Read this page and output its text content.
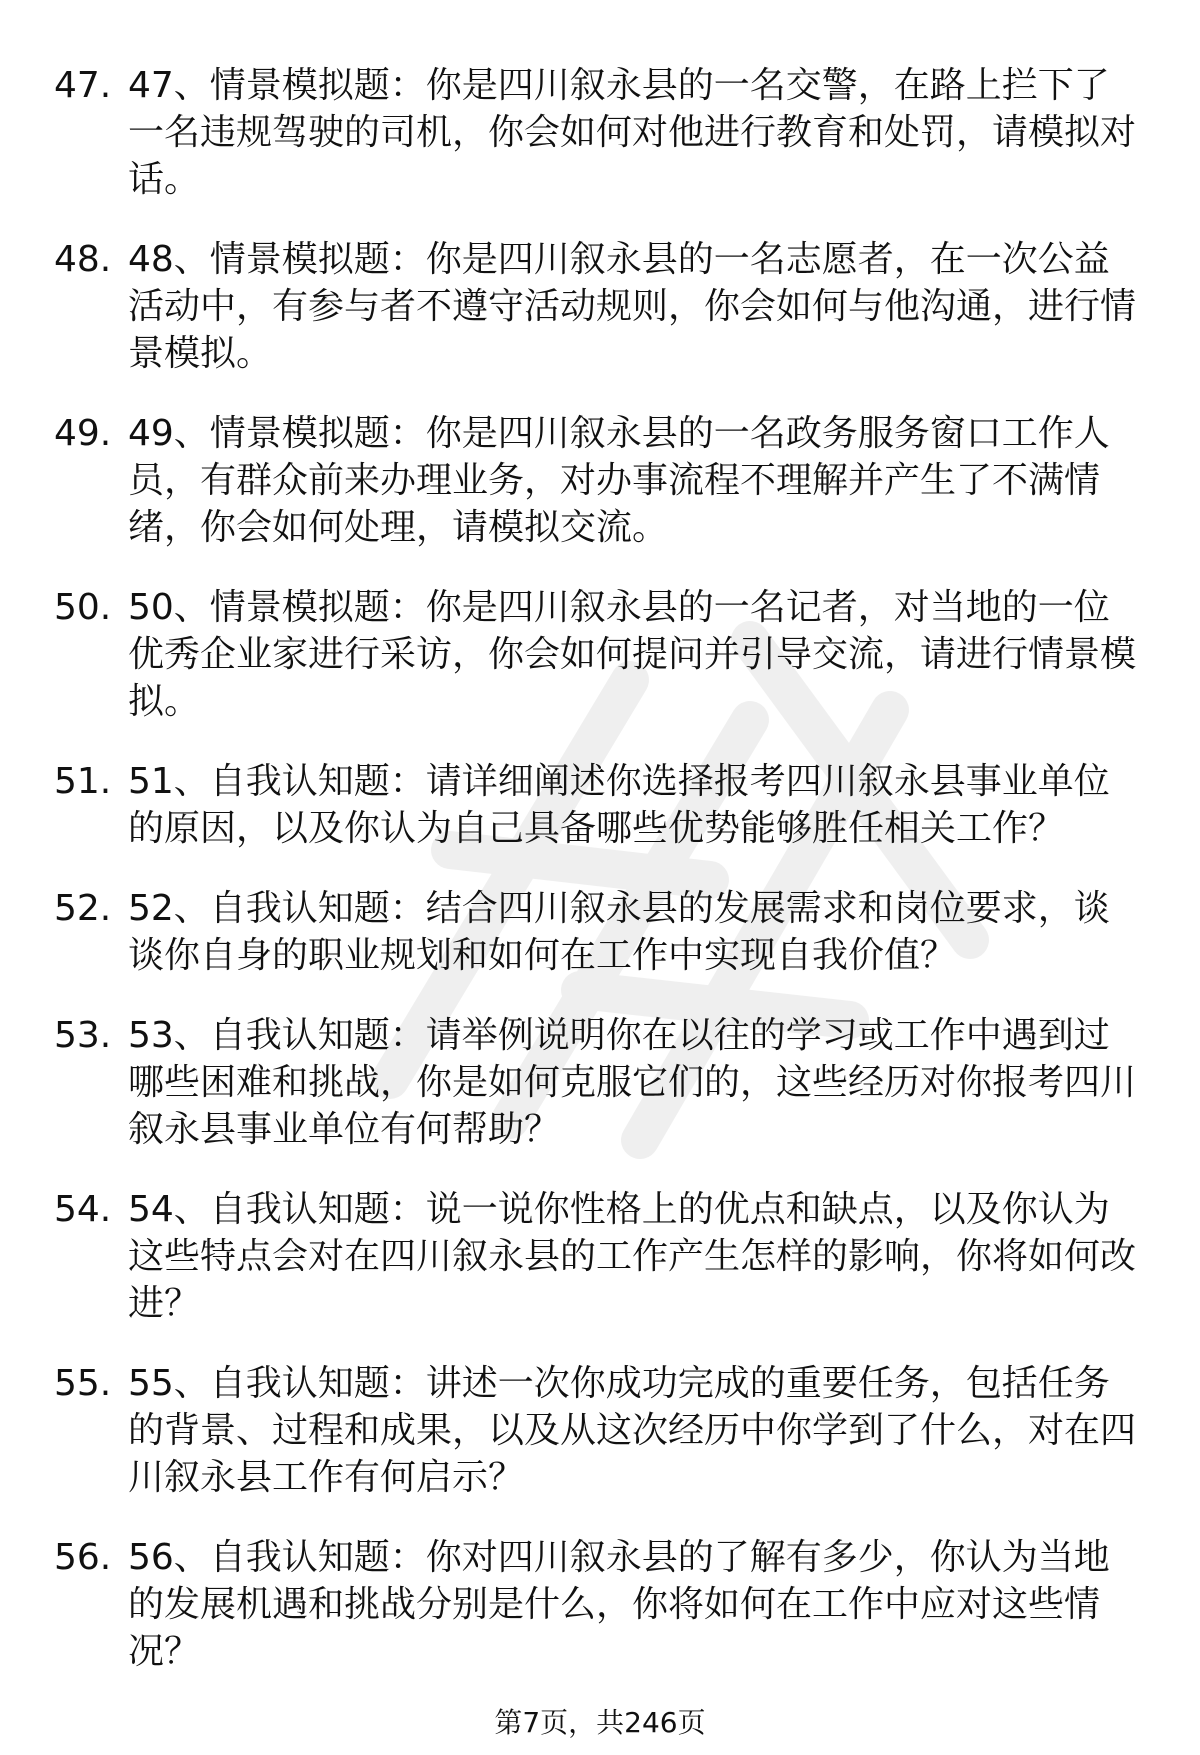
47. 47、情景模拟题：你是四川叙永县的一名交警，在路上拦下了一名违规驾驶的司机，你会如何对他进行教育和处罚，请模拟对话。
48. 48、情景模拟题：你是四川叙永县的一名志愿者，在一次公益活动中，有参与者不遵守活动规则，你会如何与他沟通，进行情景模拟。
49. 49、情景模拟题：你是四川叙永县的一名政务服务窗口工作人员，有群众前来办理业务，对办事流程不理解并产生了不满情绪，你会如何处理，请模拟交流。
50. 50、情景模拟题：你是四川叙永县的一名记者，对当地的一位优秀企业家进行采访，你会如何提问并引导交流，请进行情景模拟。
51. 51、自我认知题：请详细阐述你选择报考四川叙永县事业单位的原因，以及你认为自己具备哪些优势能够胜任相关工作？
52. 52、自我认知题：结合四川叙永县的发展需求和岗位要求，谈谈你自身的职业规划和如何在工作中实现自我价值？
53. 53、自我认知题：请举例说明你在以往的学习或工作中遇到过哪些困难和挑战，你是如何克服它们的，这些经历对你报考四川叙永县事业单位有何帮助？
54. 54、自我认知题：说一说你性格上的优点和缺点，以及你认为这些特点会对在四川叙永县的工作产生怎样的影响，你将如何改进？
55. 55、自我认知题：讲述一次你成功完成的重要任务，包括任务的背景、过程和成果，以及从这次经历中你学到了什么，对在四川叙永县工作有何启示？
56. 56、自我认知题：你对四川叙永县的了解有多少，你认为当地的发展机遇和挑战分别是什么，你将如何在工作中应对这些情况？
第7页，共246页
